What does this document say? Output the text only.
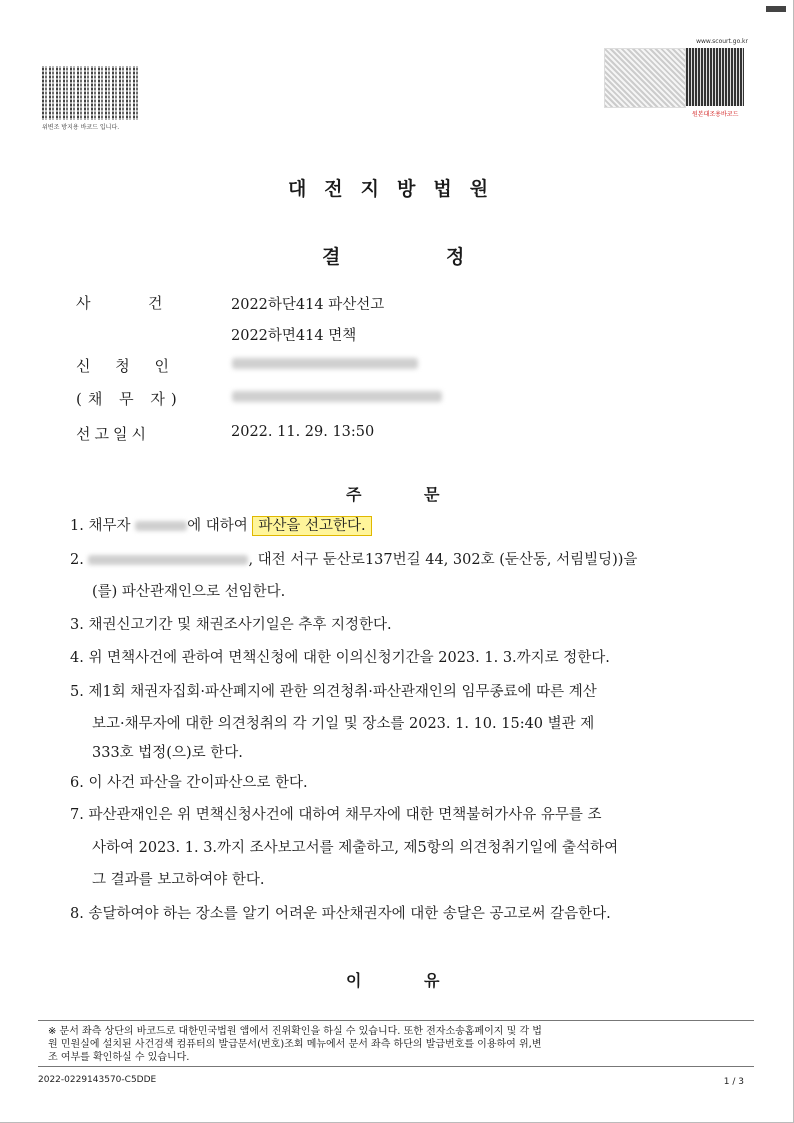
위변조 방지용 바코드 입니다.
www.scourt.go.kr
원본대조용바코드
대전지방법원
결	정
사	건	2022하단414 파산선고
2022하면414 면책
신 청 인
(채 무 자)
선고일시	2022. 11. 29. 13:50
주	문
1. 채무자	에 대하여 파산을 선고한다.
2.	, 대전 서구 둔산로137번길 44, 302호 (둔산동, 서림빌딩))을
(를) 파산관재인으로 선임한다.
3. 채권신고기간 및 채권조사기일은 추후 지정한다.
4. 위 면책사건에 관하여 면책신청에 대한 이의신청기간을 2023. 1. 3.까지로 정한다.
5. 제1회 채권자집회·파산폐지에 관한 의견청취·파산관재인의 임무종료에 따른 계산
보고·채무자에 대한 의견청취의 각 기일 및 장소를 2023. 1. 10. 15:40 별관 제
333호 법정(으)로 한다.
6. 이 사건 파산을 간이파산으로 한다.
7. 파산관재인은 위 면책신청사건에 대하여 채무자에 대한 면책불허가사유 유무를 조
사하여 2023. 1. 3.까지 조사보고서를 제출하고, 제5항의 의견청취기일에 출석하여
그 결과를 보고하여야 한다.
8. 송달하여야 하는 장소를 알기 어려운 파산채권자에 대한 송달은 공고로써 갈음한다.
이	유
※ 문서 좌측 상단의 바코드로 대한민국법원 앱에서 진위확인을 하실 수 있습니다. 또한 전자소송홈페이지 및 각 법
원 민원실에 설치된 사건검색 컴퓨터의 발급문서(번호)조회 메뉴에서 문서 좌측 하단의 발급번호를 이용하여 위,변
조 여부를 확인하실 수 있습니다.
2022-0229143570-C5DDE	1 / 3
